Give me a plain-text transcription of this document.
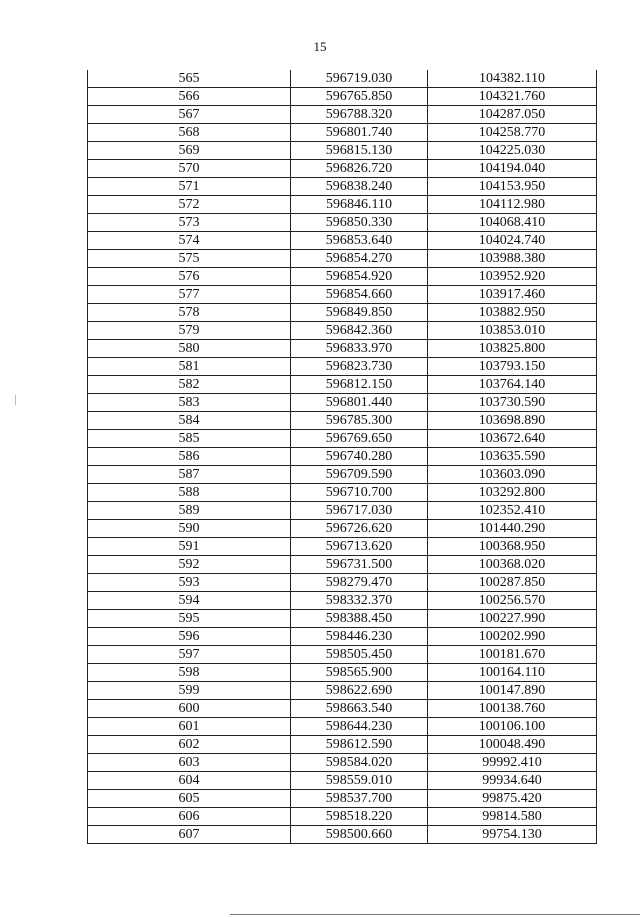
15
565	596719.030	104382.110
566	596765.850	104321.760
567	596788.320	104287.050
568	596801.740	104258.770
569	596815.130	104225.030
570	596826.720	104194.040
571	596838.240	104153.950
572	596846.110	104112.980
573	596850.330	104068.410
574	596853.640	104024.740
575	596854.270	103988.380
576	596854.920	103952.920
577	596854.660	103917.460
578	596849.850	103882.950
579	596842.360	103853.010
580	596833.970	103825.800
581	596823.730	103793.150
582	596812.150	103764.140
583	596801.440	103730.590
584	596785.300	103698.890
585	596769.650	103672.640
586	596740.280	103635.590
587	596709.590	103603.090
588	596710.700	103292.800
589	596717.030	102352.410
590	596726.620	101440.290
591	596713.620	100368.950
592	596731.500	100368.020
593	598279.470	100287.850
594	598332.370	100256.570
595	598388.450	100227.990
596	598446.230	100202.990
597	598505.450	100181.670
598	598565.900	100164.110
599	598622.690	100147.890
600	598663.540	100138.760
601	598644.230	100106.100
602	598612.590	100048.490
603	598584.020	99992.410
604	598559.010	99934.640
605	598537.700	99875.420
606	598518.220	99814.580
607	598500.660	99754.130
